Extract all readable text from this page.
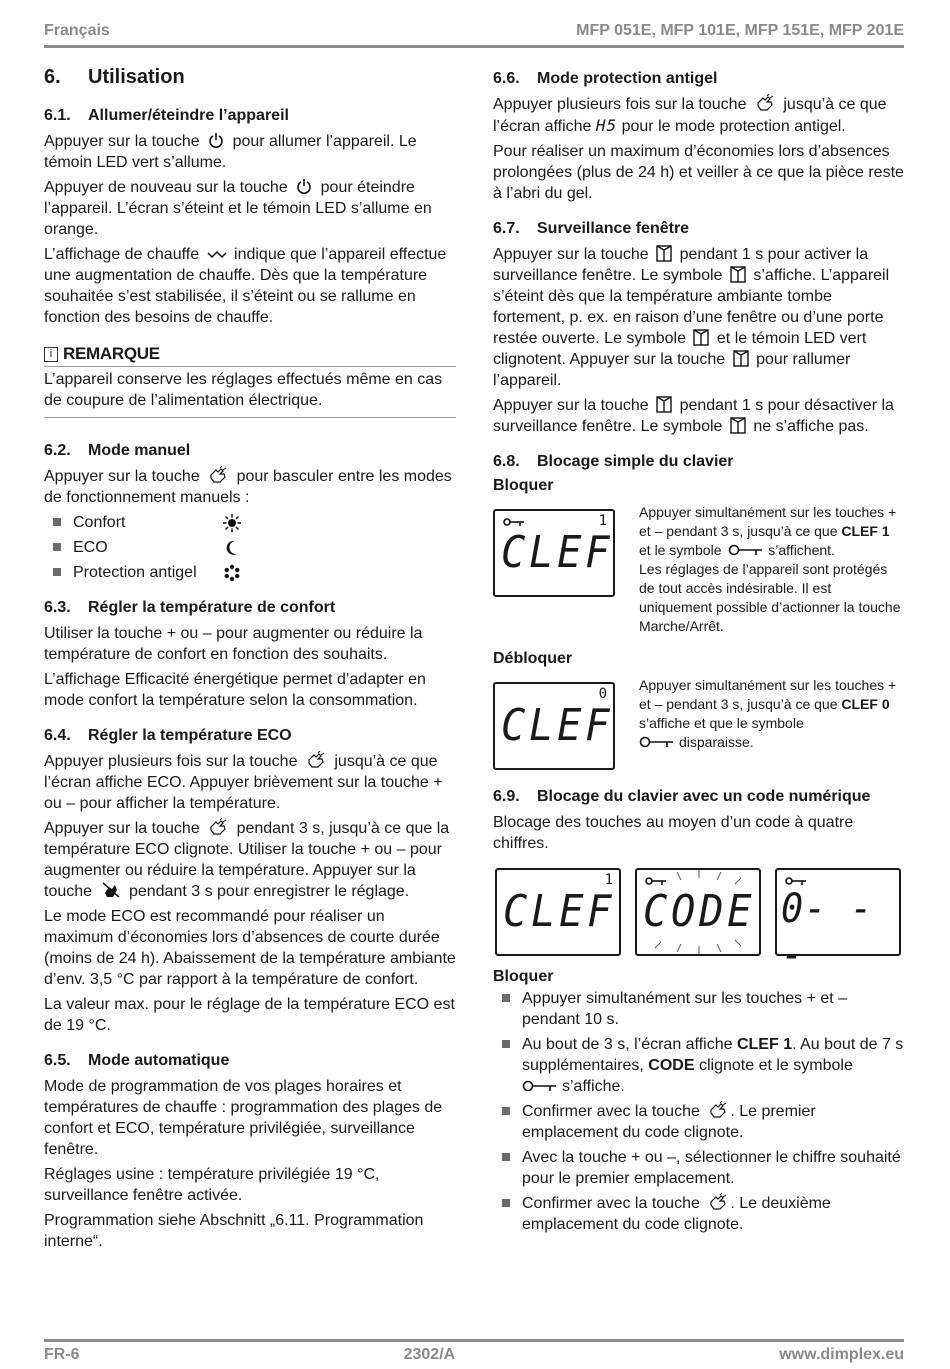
Français	MFP 051E, MFP 101E, MFP 151E, MFP 201E
6.	Utilisation
6.1.	Allumer/éteindre l’appareil

Appuyer sur la touche pour allumer l’appareil. Le témoin LED vert s’allume.

Appuyer de nouveau sur la touche pour éteindre l’appareil. L’écran s’éteint et le témoin LED s’allume en orange.

L’affichage de chauffe indique que l’appareil effectue une augmentation de chauffe. Dès que la température souhaitée s’est stabilisée, il s’éteint ou se rallume en fonction des besoins de chauffe.

i REMARQUE

L’appareil conserve les réglages effectués même en cas de coupure de l’alimentation électrique.

6.2.	Mode manuel

Appuyer sur la touche pour basculer entre les modes de fonctionnement manuels :

Confort
ECO
Protection antigel
6.3.	Régler la température de confort

Utiliser la touche + ou – pour augmenter ou réduire la température de confort en fonction des souhaits.

L’affichage Efficacité énergétique permet d’adapter en mode confort la température selon la consommation.

6.4.	Régler la température ECO

Appuyer plusieurs fois sur la touche jusqu’à ce que l’écran affiche ECO. Appuyer brièvement sur la touche + ou – pour afficher la température.

Appuyer sur la touche pendant 3 s, jusqu’à ce que la température ECO clignote. Utiliser la touche + ou – pour augmenter ou réduire la température. Appuyer sur la touche pendant 3 s pour enregistrer le réglage.

Le mode ECO est recommandé pour réaliser un maximum d’économies lors d’absences de courte durée (moins de 24 h). Abaissement de la température ambiante d’env. 3,5 °C par rapport à la température de confort.

La valeur max. pour le réglage de la température ECO est de 19 °C.

6.5.	Mode automatique

Mode de programmation de vos plages horaires et températures de chauffe : programmation des plages de confort et ECO, température privilégiée, surveillance fenêtre.

Réglages usine : température privilégiée 19 °C, surveillance fenêtre activée.

Programmation siehe Abschnitt „6.11. Programmation interne“.

6.6.	Mode protection antigel

Appuyer plusieurs fois sur la touche jusqu’à ce que l’écran affiche H5 pour le mode protection antigel.

Pour réaliser un maximum d’économies lors d’absences prolongées (plus de 24 h) et veiller à ce que la pièce reste à l’abri du gel.

6.7.	Surveillance fenêtre

Appuyer sur la touche pendant 1 s pour activer la surveillance fenêtre. Le symbole s’affiche. L’appareil s’éteint dès que la température ambiante tombe fortement, p. ex. en raison d’une fenêtre ou d’une porte restée ouverte. Le symbole et le témoin LED vert clignotent. Appuyer sur la touche pour rallumer l’appareil.

Appuyer sur la touche pendant 1 s pour désactiver la surveillance fenêtre. Le symbole ne s’affiche pas.

6.8.	Blocage simple du clavier
Bloquer
1
CLEF

Appuyer simultanément sur les touches + et – pendant 3 s, jusqu’à ce que CLEF 1 et le symbole	s’affichent.

Les réglages de l’appareil sont protégés de tout accès indésirable. Il est uniquement possible d’actionner la touche Marche/Arrêt.

Débloquer
0
CLEF

Appuyer simultanément sur les touches + et – pendant 3 s, jusqu’à ce que CLEF 0 s’affiche et que le symbole
disparaisse.

6.9.	Blocage du clavier avec un code numérique

Blocage des touches au moyen d’un code à quatre chiffres.

1
CLEF CODE 0- - -
Bloquer
Appuyer simultanément sur les touches + et – pendant 10 s.
Au bout de 3 s, l’écran affiche CLEF 1. Au bout de 7 s supplémentaires, CODE clignote et le symbole
s’affiche.
Confirmer avec la touche . Le premier emplacement du code clignote.
Avec la touche + ou –, sélectionner le chiffre souhaité pour le premier emplacement.
Confirmer avec la touche . Le deuxième emplacement du code clignote.
FR-6	2302/A	www.dimplex.eu
